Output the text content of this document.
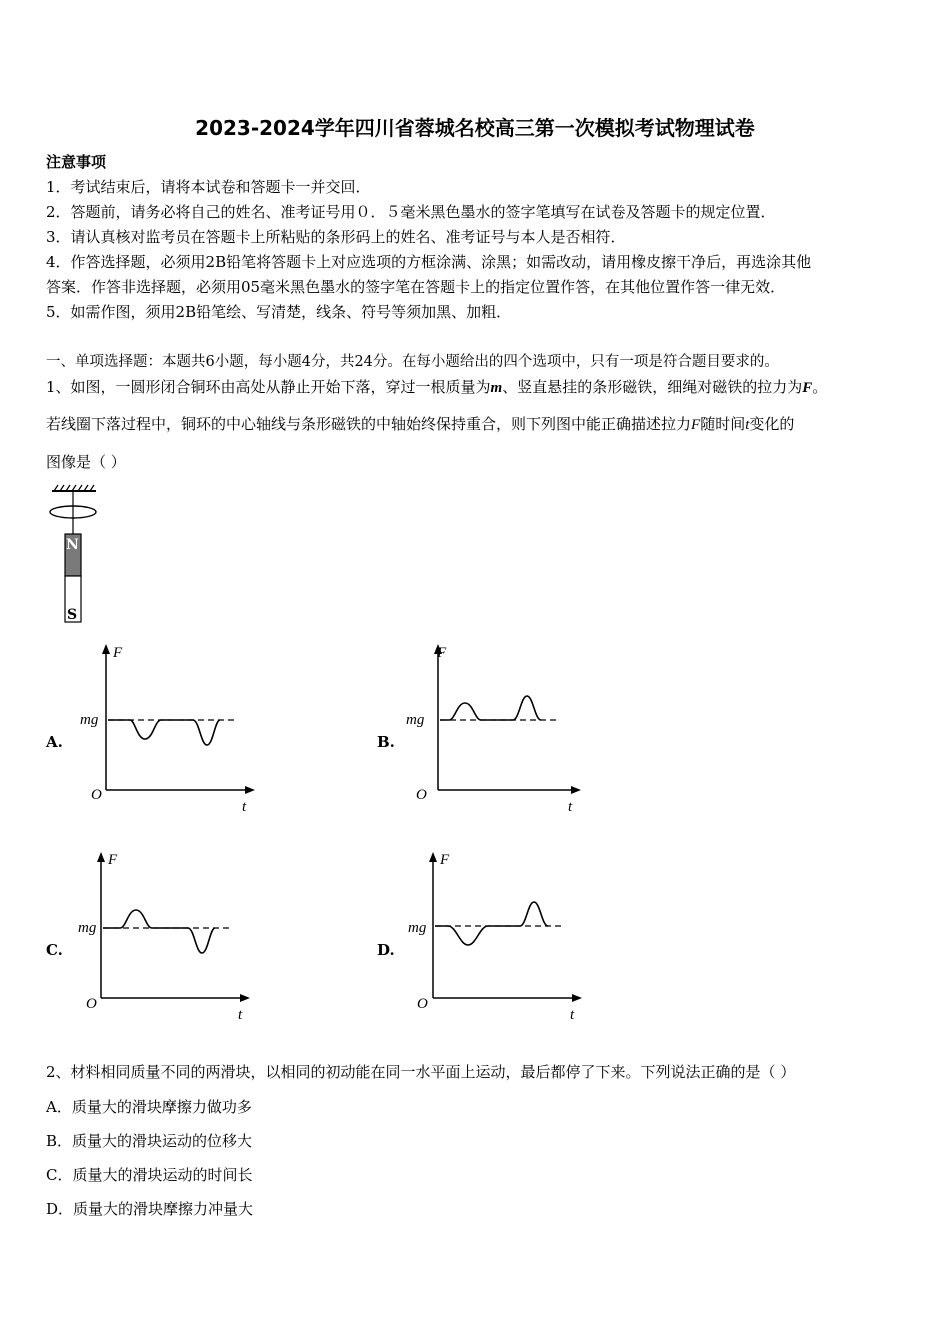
2023-2024学年四川省蓉城名校高三第一次模拟考试物理试卷
注意事项
1．考试结束后，请将本试卷和答题卡一并交回．
2．答题前，请务必将自己的姓名、准考证号用０．５毫米黑色墨水的签字笔填写在试卷及答题卡的规定位置．
3．请认真核对监考员在答题卡上所粘贴的条形码上的姓名、准考证号与本人是否相符．
4．作答选择题，必须用2B铅笔将答题卡上对应选项的方框涂满、涂黑；如需改动，请用橡皮擦干净后，再选涂其他
答案．作答非选择题，必须用05毫米黑色墨水的签字笔在答题卡上的指定位置作答，在其他位置作答一律无效．
5．如需作图，须用2B铅笔绘、写清楚，线条、符号等须加黑、加粗．
一、单项选择题：本题共6小题，每小题4分，共24分。在每小题给出的四个选项中，只有一项是符合题目要求的。
1、如图，一圆形闭合铜环由高处从静止开始下落，穿过一根质量为m、竖直悬挂的条形磁铁，细绳对磁铁的拉力为F。
若线圈下落过程中，铜环的中心轴线与条形磁铁的中轴始终保持重合，则下列图中能正确描述拉力F随时间t变化的
图像是（ ）
N
S
A.
F
mg
O
t
B.
F
mg
O
t
C.
F
mg
O
t
D.
F
mg
O
t
2、材料相同质量不同的两滑块，以相同的初动能在同一水平面上运动，最后都停了下来。下列说法正确的是（ ）
A．质量大的滑块摩擦力做功多
B．质量大的滑块运动的位移大
C．质量大的滑块运动的时间长
D．质量大的滑块摩擦力冲量大
